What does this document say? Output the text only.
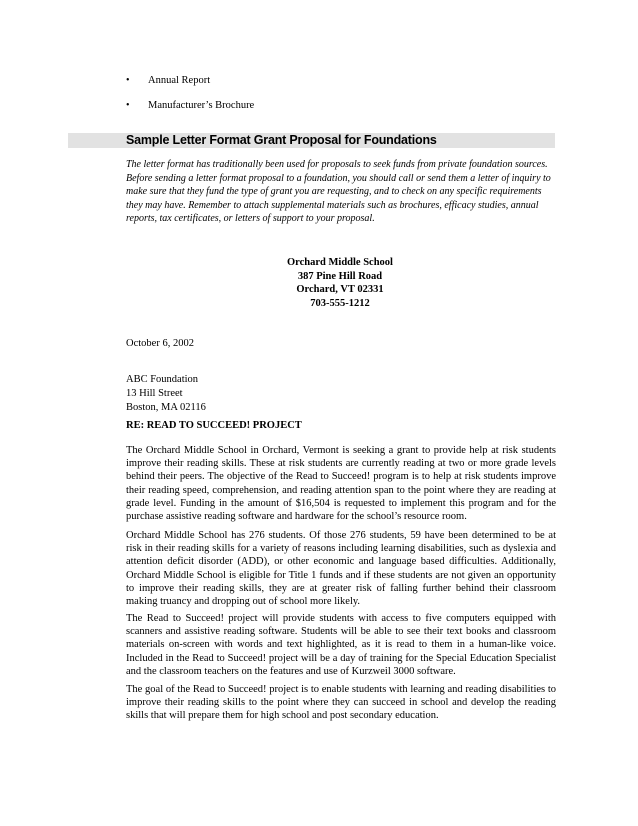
• Annual Report
• Manufacturer’s Brochure
Sample Letter Format Grant Proposal for Foundations

The letter format has traditionally been used for proposals to seek funds from private foundation sources. Before sending a letter format proposal to a foundation, you should call or send them a letter of inquiry to make sure that they fund the type of grant you are requesting, and to check on any specific requirements they may have. Remember to attach supplemental materials such as brochures, efficacy studies, annual reports, tax certificates, or letters of support to your proposal.

Orchard Middle School
387 Pine Hill Road
Orchard, VT 02331
703-555-1212
October 6, 2002
ABC Foundation
13 Hill Street
Boston, MA 02116
RE: READ TO SUCCEED! PROJECT

The Orchard Middle School in Orchard, Vermont is seeking a grant to provide help at risk students improve their reading skills. These at risk students are currently reading at two or more grade levels behind their peers. The objective of the Read to Succeed! program is to help at risk students improve their reading speed, comprehension, and reading attention span to the point where they are reading at grade level. Funding in the amount of $16,504 is requested to implement this program and for the purchase assistive reading software and hardware for the school’s resource room.

Orchard Middle School has 276 students. Of those 276 students, 59 have been determined to be at risk in their reading skills for a variety of reasons including learning disabilities, such as dyslexia and attention deficit disorder (ADD), or other economic and language based difficulties. Additionally, Orchard Middle School is eligible for Title 1 funds and if these students are not given an opportunity to improve their reading skills, they are at greater risk of falling further behind their classroom making truancy and dropping out of school more likely.

The Read to Succeed! project will provide students with access to five computers equipped with scanners and assistive reading software. Students will be able to see their text books and classroom materials on-screen with words and text highlighted, as it is read to them in a human-like voice. Included in the Read to Succeed! project will be a day of training for the Special Education Specialist and the classroom teachers on the features and use of Kurzweil 3000 software.

The goal of the Read to Succeed! project is to enable students with learning and reading disabilities to improve their reading skills to the point where they can succeed in school and develop the reading skills that will prepare them for high school and post secondary education.
